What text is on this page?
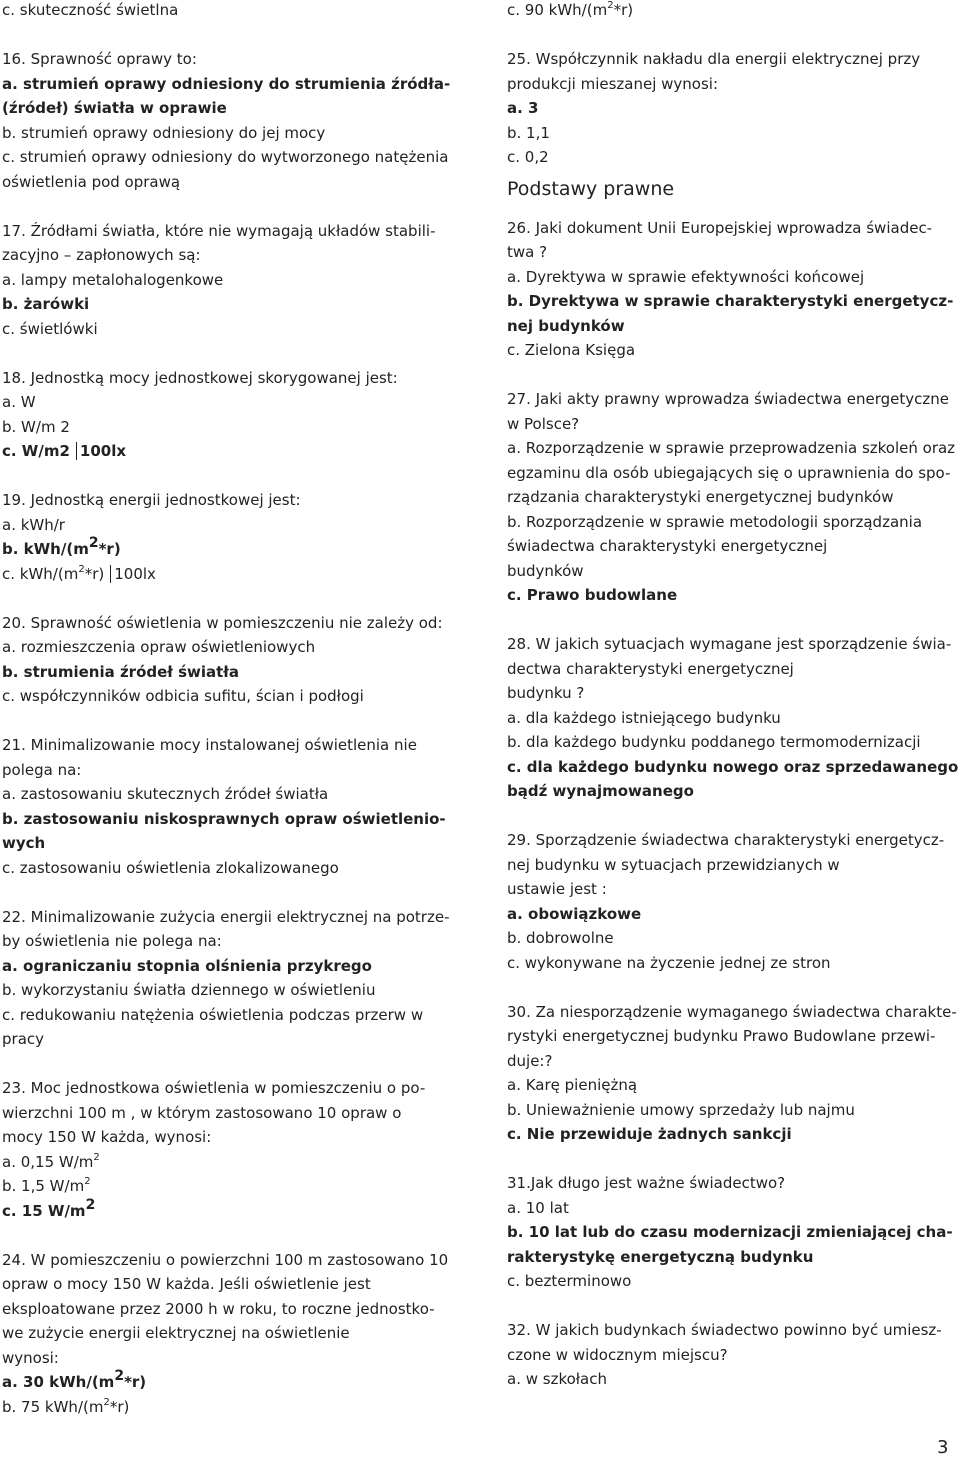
c. skuteczność świetlna
16. Sprawność oprawy to:
a. strumień oprawy odniesiony do strumienia źródła-
(źródeł) światła w oprawie
b. strumień oprawy odniesiony do jej mocy
c. strumień oprawy odniesiony do wytworzonego natężenia
oświetlenia pod oprawą
17. Źródłami światła, które nie wymagają układów stabili-
zacyjno – zapłonowych są:
a. lampy metalohalogenkowe
b. żarówki
c. świetlówki
18. Jednostką mocy jednostkowej skorygowanej jest:
a. W
b. W/m 2
c. W/m2 100lx
19. Jednostką energii jednostkowej jest:
a. kWh/r
b. kWh/$(m^2*r)$
c. kWh/$(m^2*r)$ 100lx
20. Sprawność oświetlenia w pomieszczeniu nie zależy od:
a. rozmieszczenia opraw oświetleniowych
b. strumienia źródeł światła
c. współczynników odbicia sufitu, ścian i podłogi
21. Minimalizowanie mocy instalowanej oświetlenia nie
polega na:
a. zastosowaniu skutecznych źródeł światła
b. zastosowaniu niskosprawnych opraw oświetlenio-
wych
c. zastosowaniu oświetlenia zlokalizowanego
22. Minimalizowanie zużycia energii elektrycznej na potrze-
by oświetlenia nie polega na:
a. ograniczaniu stopnia olśnienia przykrego
b. wykorzystaniu światła dziennego w oświetleniu
c. redukowaniu natężenia oświetlenia podczas przerw w
pracy
23. Moc jednostkowa oświetlenia w pomieszczeniu o po-
wierzchni 100 m , w którym zastosowano 10 opraw o
mocy 150 W każda, wynosi:
a. 0,15 $W/m^2$
b. 1,5 $W/m^2$
c. 15 $W/m^2$
24. W pomieszczeniu o powierzchni 100 m zastosowano 10
opraw o mocy 150 W każda. Jeśli oświetlenie jest
eksploatowane przez 2000 h w roku, to roczne jednostko-
we zużycie energii elektrycznej na oświetlenie
wynosi:
a. 30 kWh/$(m^2*r)$
b. 75 kWh/$(m^2*r)$
c. 90 kWh/$(m^2*r)$
25. Współczynnik nakładu dla energii elektrycznej przy
produkcji mieszanej wynosi:
a. 3
b. 1,1
c. 0,2
Podstawy prawne
26. Jaki dokument Unii Europejskiej wprowadza świadec-
twa ?
a. Dyrektywa w sprawie efektywności końcowej
b. Dyrektywa w sprawie charakterystyki energetycz-
nej budynków
c. Zielona Księga
27. Jaki akty prawny wprowadza świadectwa energetyczne
w Polsce?
a. Rozporządzenie w sprawie przeprowadzenia szkoleń oraz
egzaminu dla osób ubiegających się o uprawnienia do spo-
rządzania charakterystyki energetycznej budynków
b. Rozporządzenie w sprawie metodologii sporządzania
świadectwa charakterystyki energetycznej
budynków
c. Prawo budowlane
28. W jakich sytuacjach wymagane jest sporządzenie świa-
dectwa charakterystyki energetycznej
budynku ?
a. dla każdego istniejącego budynku
b. dla każdego budynku poddanego termomodernizacji
c. dla każdego budynku nowego oraz sprzedawanego
bądź wynajmowanego
29. Sporządzenie świadectwa charakterystyki energetycz-
nej budynku w sytuacjach przewidzianych w
ustawie jest :
a. obowiązkowe
b. dobrowolne
c. wykonywane na życzenie jednej ze stron
30. Za niesporządzenie wymaganego świadectwa charakte-
rystyki energetycznej budynku Prawo Budowlane przewi-
duje:?
a. Karę pieniężną
b. Unieważnienie umowy sprzedaży lub najmu
c. Nie przewiduje żadnych sankcji
31.Jak długo jest ważne świadectwo?
a. 10 lat
b. 10 lat lub do czasu modernizacji zmieniającej cha-
rakterystykę energetyczną budynku
c. bezterminowo
32. W jakich budynkach świadectwo powinno być umiesz-
czone w widocznym miejscu?
a. w szkołach
3
